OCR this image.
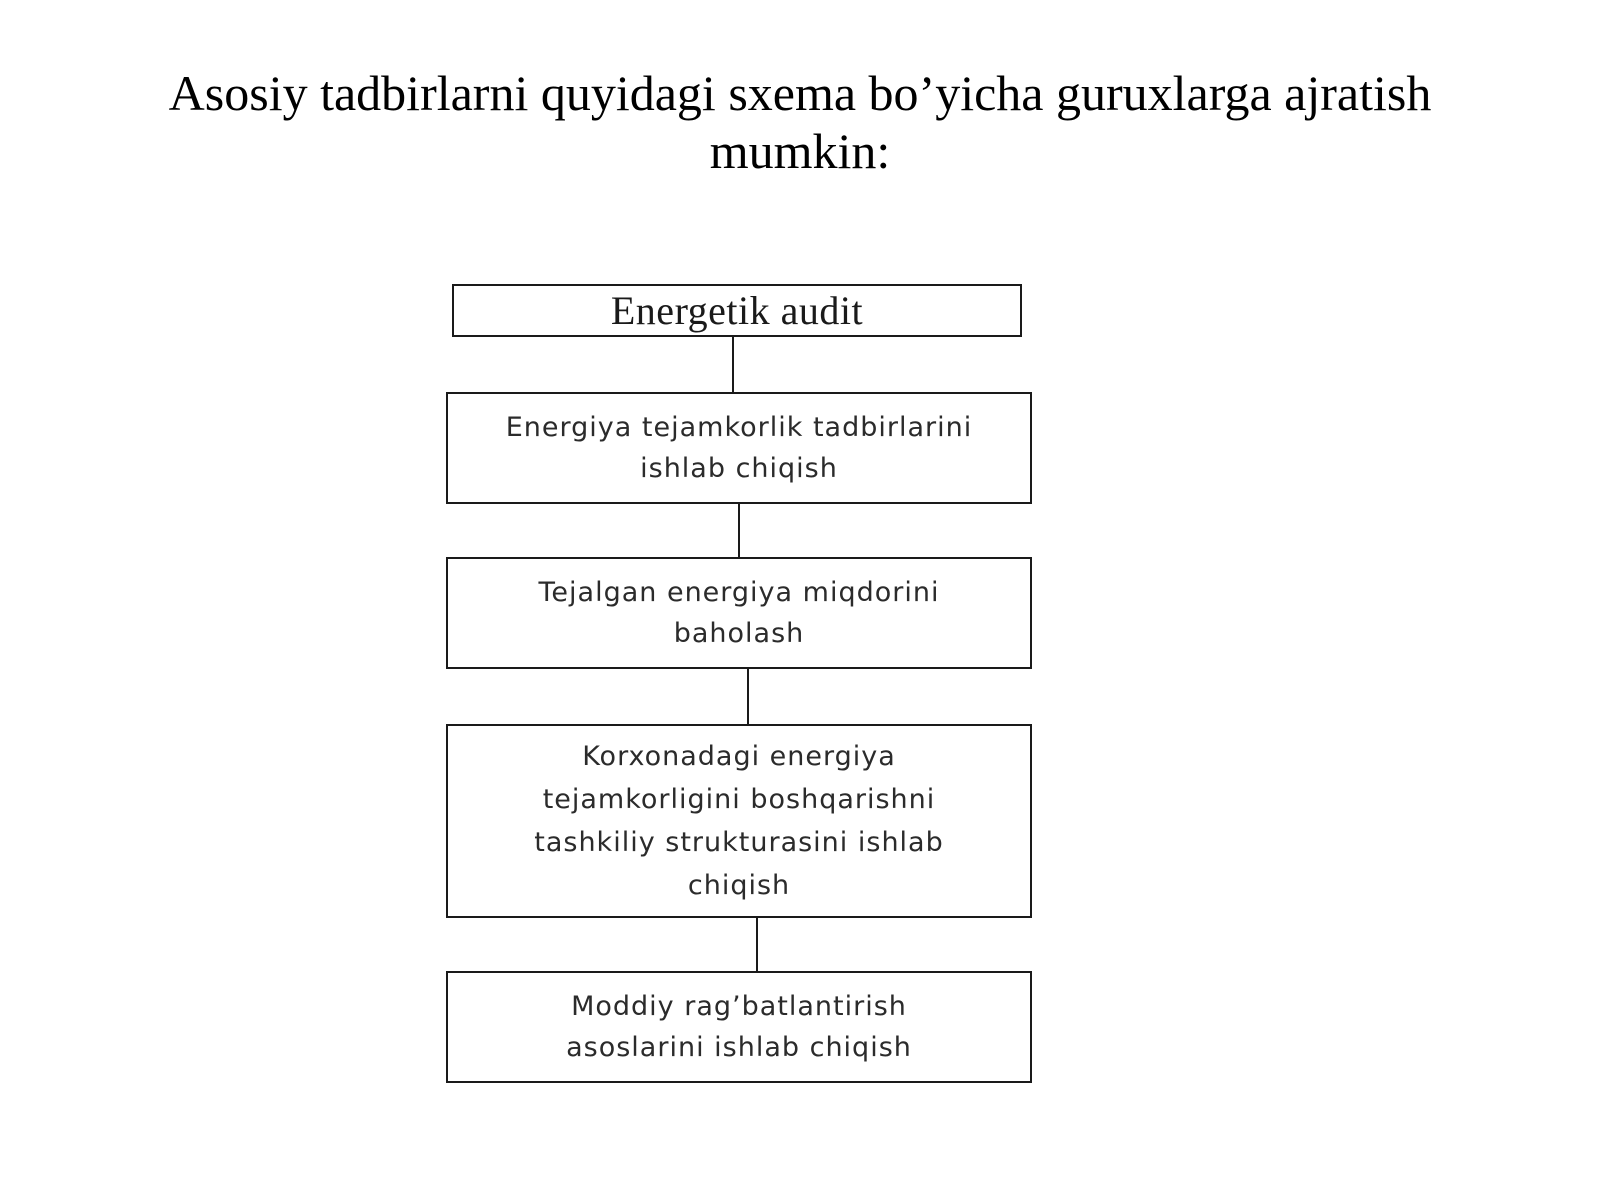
Asosiy tadbirlarni quyidagi sxema bo’yicha guruxlarga ajratish
mumkin:
Energetik audit
Energiya tejamkorlik tadbirlarini
ishlab chiqish
Tejalgan energiya miqdorini
baholash
Korxonadagi energiya
tejamkorligini boshqarishni
tashkiliy strukturasini ishlab
chiqish
Moddiy rag’batlantirish
asoslarini ishlab chiqish
